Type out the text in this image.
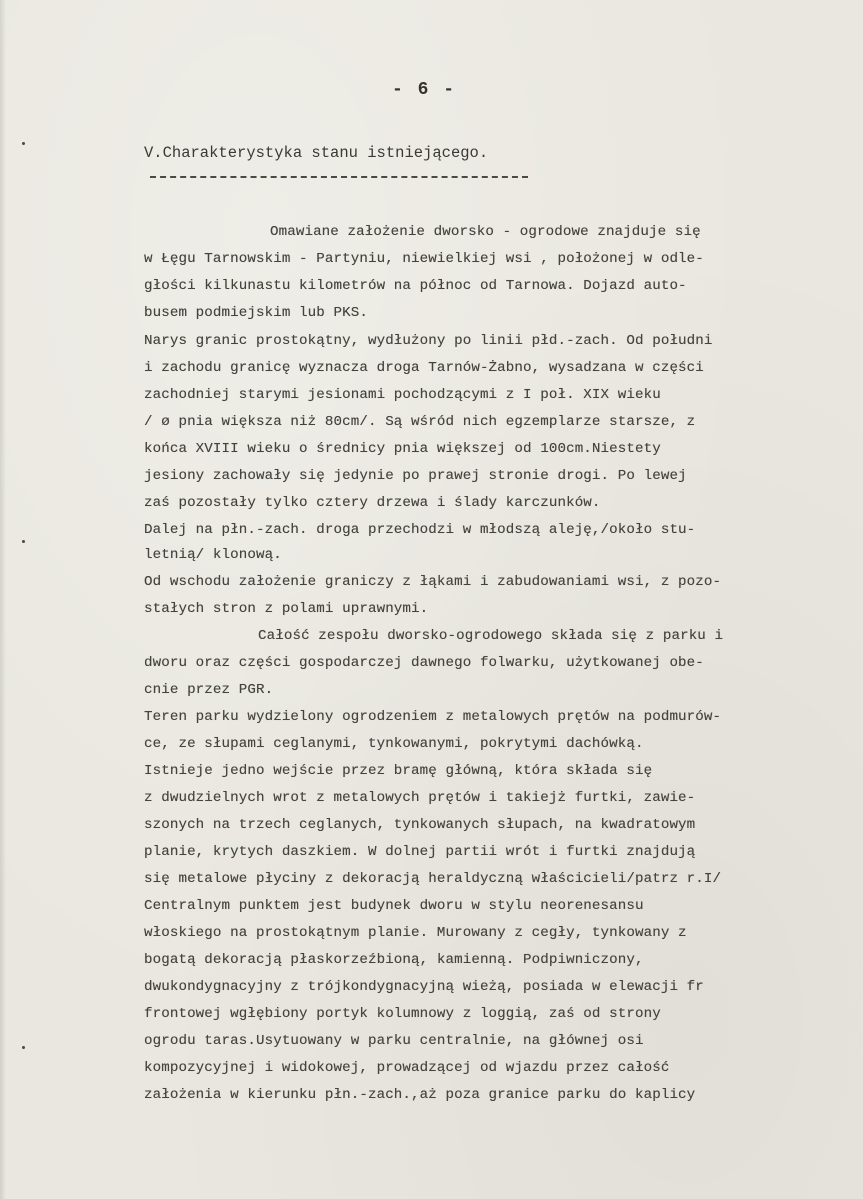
- 6 -
V.Charakterystyka stanu istniejącego.
Omawiane założenie dworsko - ogrodowe znajduje się
w Łęgu Tarnowskim - Partyniu, niewielkiej wsi , położonej w odle-
głości kilkunastu kilometrów na północ od Tarnowa. Dojazd auto-
busem podmiejskim lub PKS.
Narys granic prostokątny, wydłużony po linii płd.-zach. Od południ
i zachodu granicę wyznacza droga Tarnów-Żabno, wysadzana w części
zachodniej starymi jesionami pochodzącymi z I poł. XIX wieku
/ ø pnia większa niż 80cm/. Są wśród nich egzemplarze starsze, z
końca XVIII wieku o średnicy pnia większej od 100cm.Niestety
jesiony zachowały się jedynie po prawej stronie drogi. Po lewej
zaś pozostały tylko cztery drzewa i ślady karczunków.
Dalej na płn.-zach. droga przechodzi w młodszą aleję,/około stu-
letnią/ klonową.
Od wschodu założenie graniczy z łąkami i zabudowaniami wsi, z pozo-
stałych stron z polami uprawnymi.
Całość zespołu dworsko-ogrodowego składa się z parku i
dworu oraz części gospodarczej dawnego folwarku, użytkowanej obe-
cnie przez PGR.
Teren parku wydzielony ogrodzeniem z metalowych prętów na podmurów-
ce, ze słupami ceglanymi, tynkowanymi, pokrytymi dachówką.
Istnieje jedno wejście przez bramę główną, która składa się
z dwudzielnych wrot z metalowych prętów i takiejż furtki, zawie-
szonych na trzech ceglanych, tynkowanych słupach, na kwadratowym
planie, krytych daszkiem. W dolnej partii wrót i furtki znajdują
się metalowe płyciny z dekoracją heraldyczną właścicieli/patrz r.I/
Centralnym punktem jest budynek dworu w stylu neorenesansu
włoskiego na prostokątnym planie. Murowany z cegły, tynkowany z
bogatą dekoracją płaskorzeźbioną, kamienną. Podpiwniczony,
dwukondygnacyjny z trójkondygnacyjną wieżą, posiada w elewacji fr
frontowej wgłębiony portyk kolumnowy z loggią, zaś od strony
ogrodu taras.Usytuowany w parku centralnie, na głównej osi
kompozycyjnej i widokowej, prowadzącej od wjazdu przez całość
założenia w kierunku płn.-zach.,aż poza granice parku do kaplicy
